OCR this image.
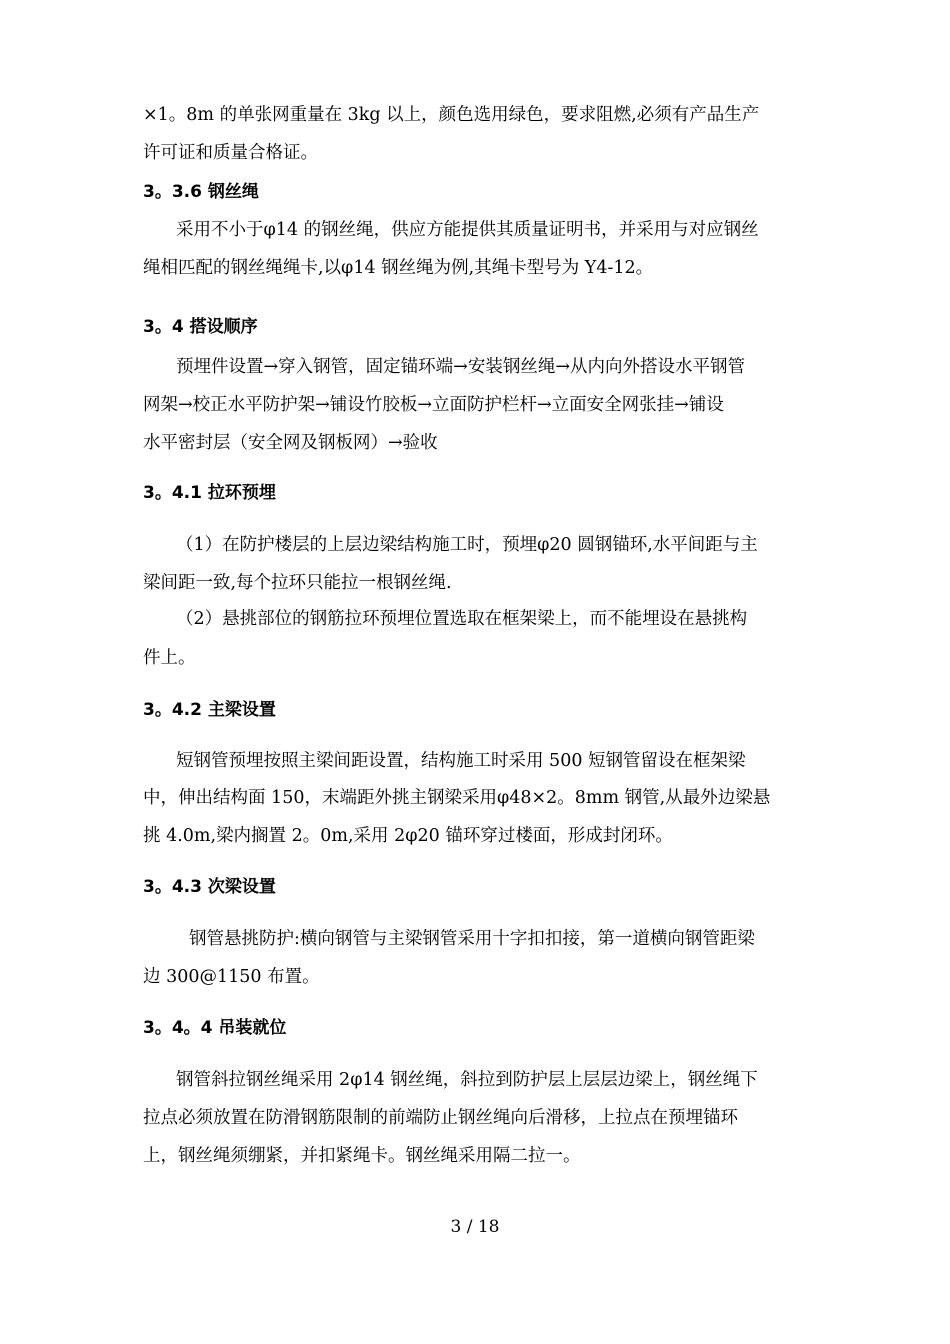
×1。8m 的单张网重量在 3kg 以上，颜色选用绿色，要求阻燃,必须有产品生产
许可证和质量合格证。
3。3.6 钢丝绳
采用不小于φ14 的钢丝绳，供应方能提供其质量证明书，并采用与对应钢丝
绳相匹配的钢丝绳绳卡,以φ14 钢丝绳为例,其绳卡型号为 Y4-12。
3。4 搭设顺序
预埋件设置→穿入钢管，固定锚环端→安装钢丝绳→从内向外搭设水平钢管
网架→校正水平防护架→铺设竹胶板→立面防护栏杆→立面安全网张挂→铺设
水平密封层（安全网及钢板网）→验收
3。4.1 拉环预埋
（1）在防护楼层的上层边梁结构施工时，预埋φ20 圆钢锚环,水平间距与主
梁间距一致,每个拉环只能拉一根钢丝绳.
（2）悬挑部位的钢筋拉环预埋位置选取在框架梁上，而不能埋设在悬挑构
件上。
3。4.2 主梁设置
短钢管预埋按照主梁间距设置，结构施工时采用 500 短钢管留设在框架梁
中，伸出结构面 150，末端距外挑主钢梁采用φ48×2。8mm 钢管,从最外边梁悬
挑 4.0m,梁内搁置 2。0m,采用 2φ20 锚环穿过楼面，形成封闭环。
3。4.3 次梁设置
钢管悬挑防护:横向钢管与主梁钢管采用十字扣扣接，第一道横向钢管距梁
边 300@1150 布置。
3。4。4 吊装就位
钢管斜拉钢丝绳采用 2φ14 钢丝绳，斜拉到防护层上层层边梁上，钢丝绳下
拉点必须放置在防滑钢筋限制的前端防止钢丝绳向后滑移，上拉点在预埋锚环
上，钢丝绳须绷紧，并扣紧绳卡。钢丝绳采用隔二拉一。
3 / 18
